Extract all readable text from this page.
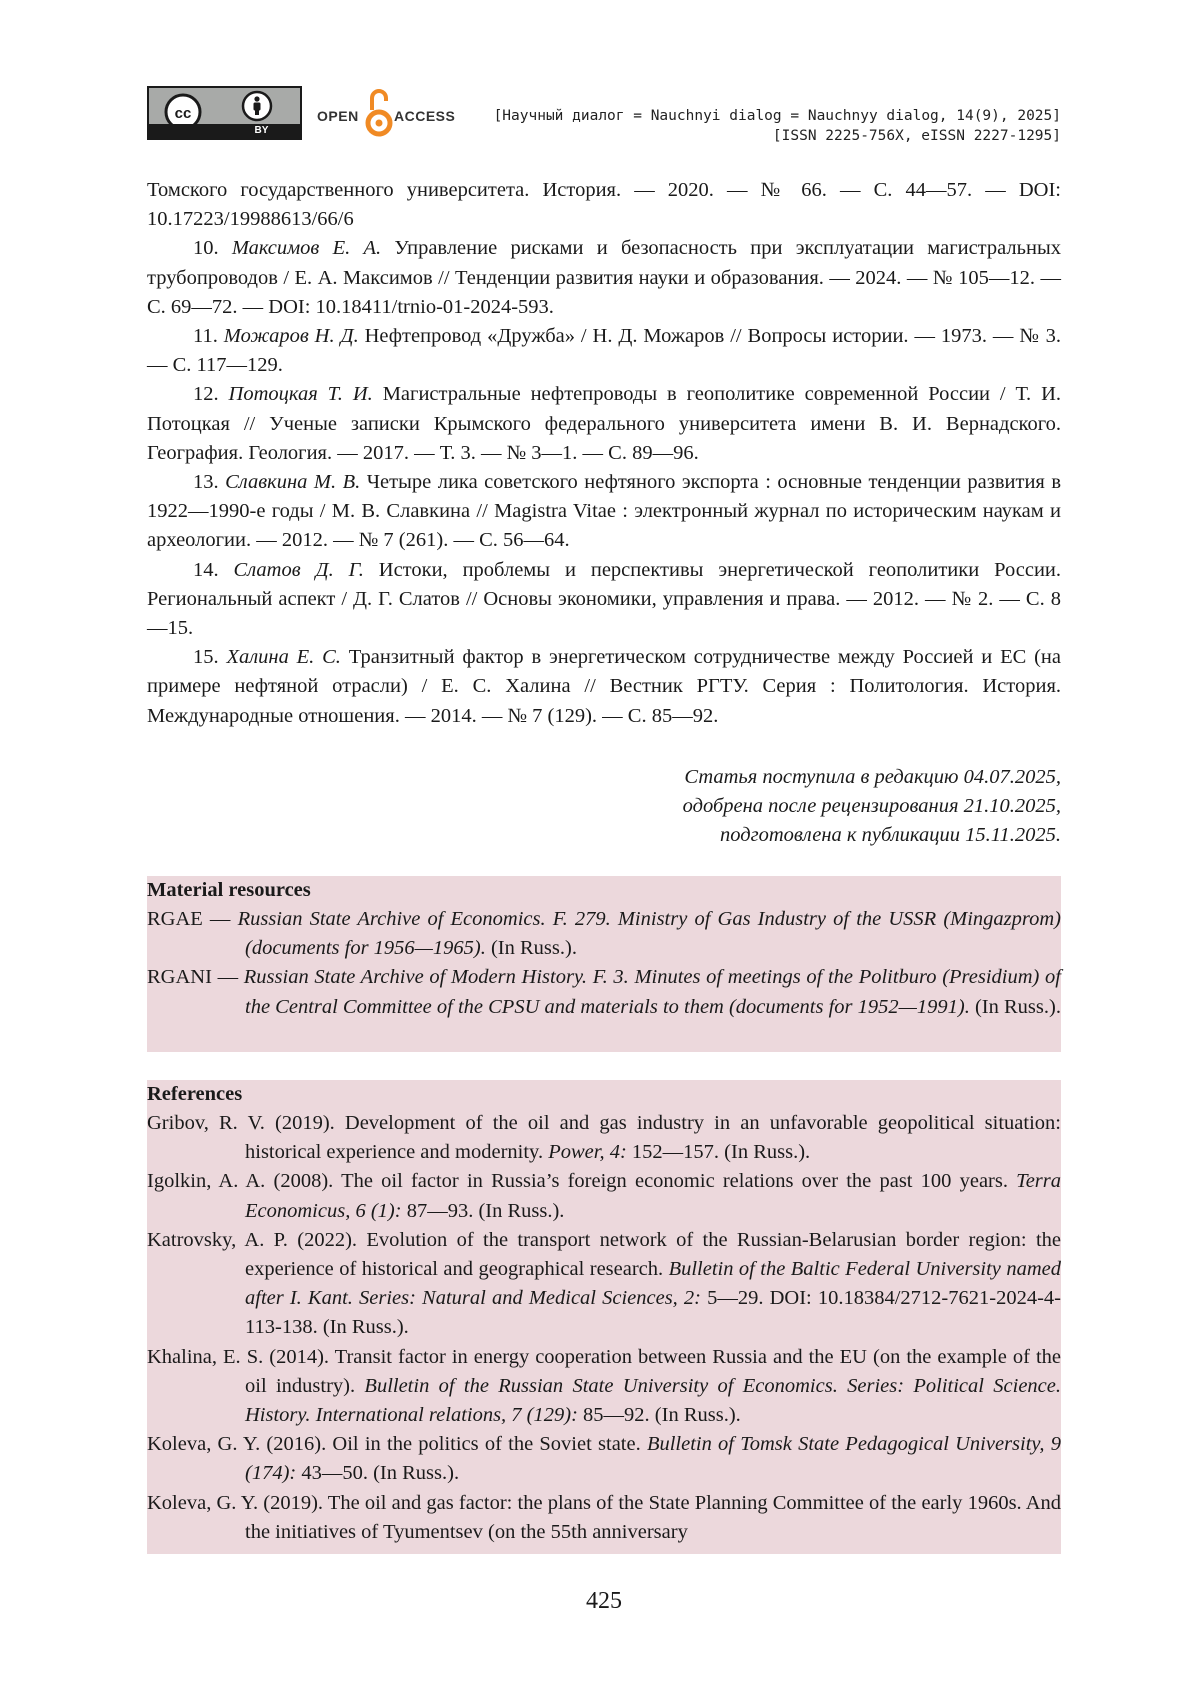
cc
BY
OPEN	ACCESS	[Научный диалог = Nauchnyi dialog = Nauchnyy dialog, 14(9), 2025]
[ISSN 2225-756X, eISSN 2227-1295]

Томского государственного университета. История. — 2020. — № 66. — С. 44—57. — DOI: 10.17223/19988613/66/6

10. Максимов Е. А. Управление рисками и безопасность при эксплуатации магистральных трубопроводов / Е. А. Максимов // Тенденции развития науки и образования. — 2024. — № 105—12. — С. 69—72. — DOI: 10.18411/trnio-01-2024-593.

11. Можаров Н. Д. Нефтепровод «Дружба» / Н. Д. Можаров // Вопросы истории. — 1973. — № 3. — С. 117—129.

12. Потоцкая Т. И. Магистральные нефтепроводы в геополитике современной России / Т. И. Потоцкая // Ученые записки Крымского федерального университета имени В. И. Вернадского. География. Геология. — 2017. — Т. 3. — № 3—1. — С. 89—96.

13. Славкина М. В. Четыре лика советского нефтяного экспорта : основные тенденции развития в 1922—1990-е годы / М. В. Славкина // Magistra Vitae : электронный журнал по историческим наукам и археологии. — 2012. — № 7 (261). — С. 56—64.

14. Слатов Д. Г. Истоки, проблемы и перспективы энергетической геополитики России. Региональный аспект / Д. Г. Слатов // Основы экономики, управления и права. — 2012. — № 2. — С. 8—15.

15. Халина Е. С. Транзитный фактор в энергетическом сотрудничестве между Россией и ЕС (на примере нефтяной отрасли) / Е. С. Халина // Вестник РГТУ. Серия : Политология. История. Международные отношения. — 2014. — № 7 (129). — С. 85—92.

Статья поступила в редакцию 04.07.2025,
одобрена после рецензирования 21.10.2025,
подготовлена к публикации 15.11.2025.
Material resources

RGAE — Russian State Archive of Economics. F. 279. Ministry of Gas Industry of the USSR (Mingazprom) (documents for 1956—1965). (In Russ.).

RGANI — Russian State Archive of Modern History. F. 3. Minutes of meetings of the Politburo (Presidium) of the Central Committee of the CPSU and materials to them (documents for 1952—1991). (In Russ.).

References

Gribov, R. V. (2019). Development of the oil and gas industry in an unfavorable geopolitical situation: historical experience and modernity. Power, 4: 152—157. (In Russ.).

Igolkin, A. A. (2008). The oil factor in Russia’s foreign economic relations over the past 100 years. Terra Economicus, 6 (1): 87—93. (In Russ.).

Katrovsky, A. P. (2022). Evolution of the transport network of the Russian-Belarusian border region: the experience of historical and geographical research. Bulletin of the Baltic Federal University named after I. Kant. Series: Natural and Medical Sciences, 2: 5—29. DOI: 10.18384/2712-7621-2024-4-113-138. (In Russ.).

Khalina, E. S. (2014). Transit factor in energy cooperation between Russia and the EU (on the example of the oil industry). Bulletin of the Russian State University of Economics. Series: Political Science. History. International relations, 7 (129): 85—92. (In Russ.).

Koleva, G. Y. (2016). Oil in the politics of the Soviet state. Bulletin of Tomsk State Pedagogical University, 9 (174): 43—50. (In Russ.).

Koleva, G. Y. (2019). The oil and gas factor: the plans of the State Planning Committee of the early 1960s. And the initiatives of Tyumentsev (on the 55th anniversary

425
